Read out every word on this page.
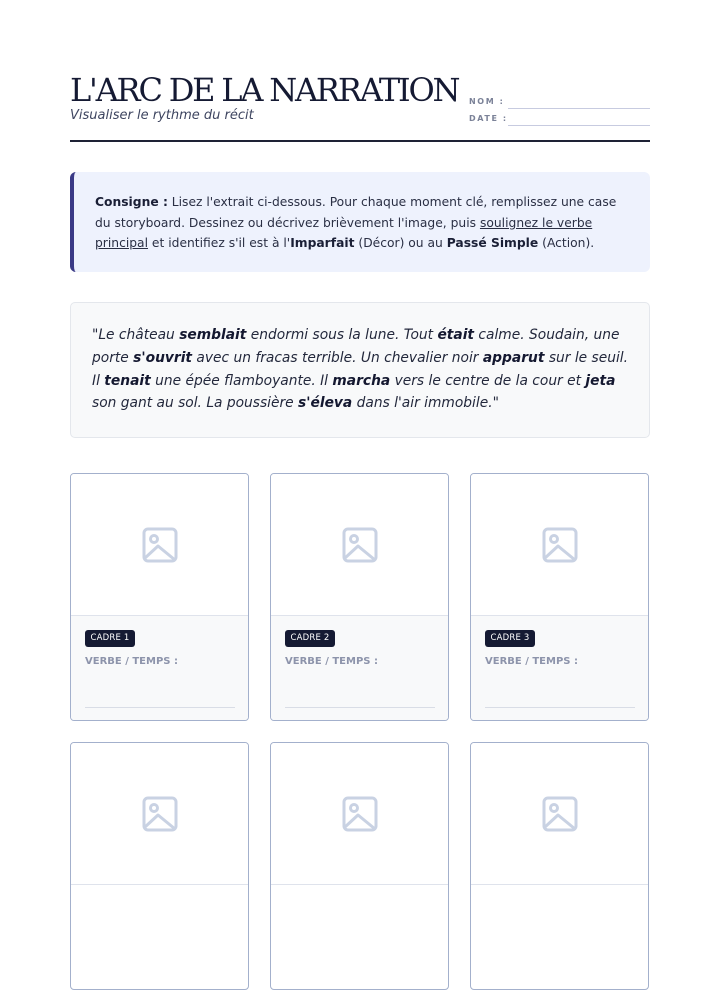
L'ARC DE LA NARRATION
Visualiser le rythme du récit
NOM :
DATE :
Consigne : Lisez l'extrait ci-dessous. Pour chaque moment clé, remplissez une case du storyboard. Dessinez ou décrivez brièvement l'image, puis soulignez le verbe principal et identifiez s'il est à l'Imparfait (Décor) ou au Passé Simple (Action).
"Le château semblait endormi sous la lune. Tout était calme. Soudain, une porte s'ouvrit avec un fracas terrible. Un chevalier noir apparut sur le seuil. Il tenait une épée flamboyante. Il marcha vers le centre de la cour et jeta son gant au sol. La poussière s'éleva dans l'air immobile."
CADRE 1
VERBE / TEMPS :
CADRE 2
VERBE / TEMPS :
CADRE 3
VERBE / TEMPS :
